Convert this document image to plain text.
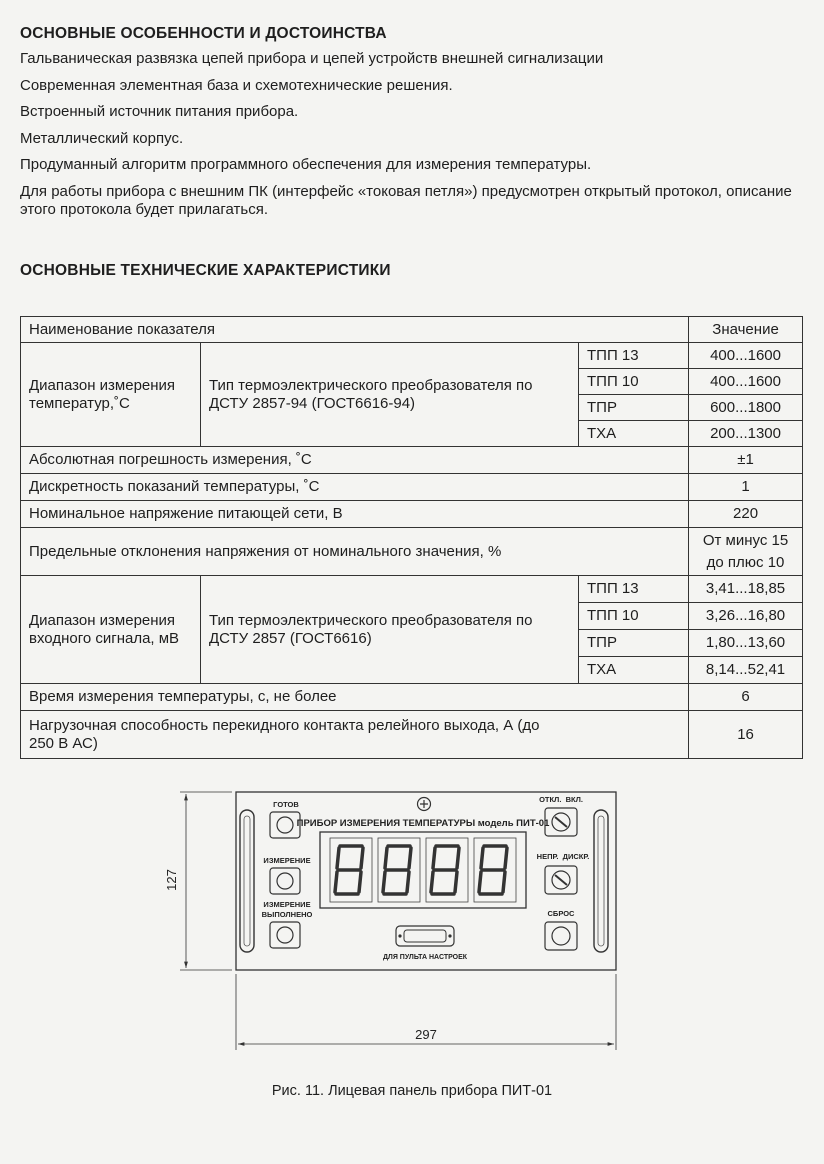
ОСНОВНЫЕ ОСОБЕННОСТИ И ДОСТОИНСТВА
Гальваническая развязка цепей прибора и цепей устройств внешней сигнализации
Современная элементная база и схемотехнические решения.
Встроенный источник питания прибора.
Металлический корпус.
Продуманный алгоритм программного обеспечения для измерения температуры.
Для работы прибора с внешним ПК (интерфейс «токовая петля») предусмотрен открытый протокол, описание этого протокола будет прилагаться.
ОСНОВНЫЕ ТЕХНИЧЕСКИЕ ХАРАКТЕРИСТИКИ
Наименование показателя			Значение
Диапазон измерения температур,˚С	Тип термоэлектрического преобразователя по ДСТУ 2857-94 (ГОСТ6616-94)	ТПП 13	400...1600
		ТПП 10	400...1600
		ТПР	600...1800
		ТХА	200...1300
Абсолютная погрешность измерения, ˚С			±1
Дискретность показаний температуры, ˚С			1
Номинальное напряжение питающей сети, В			220
Предельные отклонения напряжения от номинального значения, %			От минус 15
до плюс 10

Диапазон измерения входного сигнала, мВ	Тип термоэлектрического преобразователя по ДСТУ 2857 (ГОСТ6616)	ТПП 13	3,41...18,85
		ТПП 10	3,26...16,80
		ТПР	1,80...13,60
		ТХА	8,14...52,41
Время измерения температуры, с, не более			6
Нагрузочная способность перекидного контакта релейного выхода, А (до 250 В АС)			16
127
297
ПРИБОР ИЗМЕРЕНИЯ ТЕМПЕРАТУРЫ модель ПИТ-01
ГОТОВ
ИЗМЕРЕНИЕ
ИЗМЕРЕНИЕ
ВЫПОЛНЕНО
ОТКЛ.  ВКЛ.
НЕПР.  ДИСКР.
СБРОС
ДЛЯ ПУЛЬТА НАСТРОЕК
Рис. 11. Лицевая панель прибора ПИТ-01
